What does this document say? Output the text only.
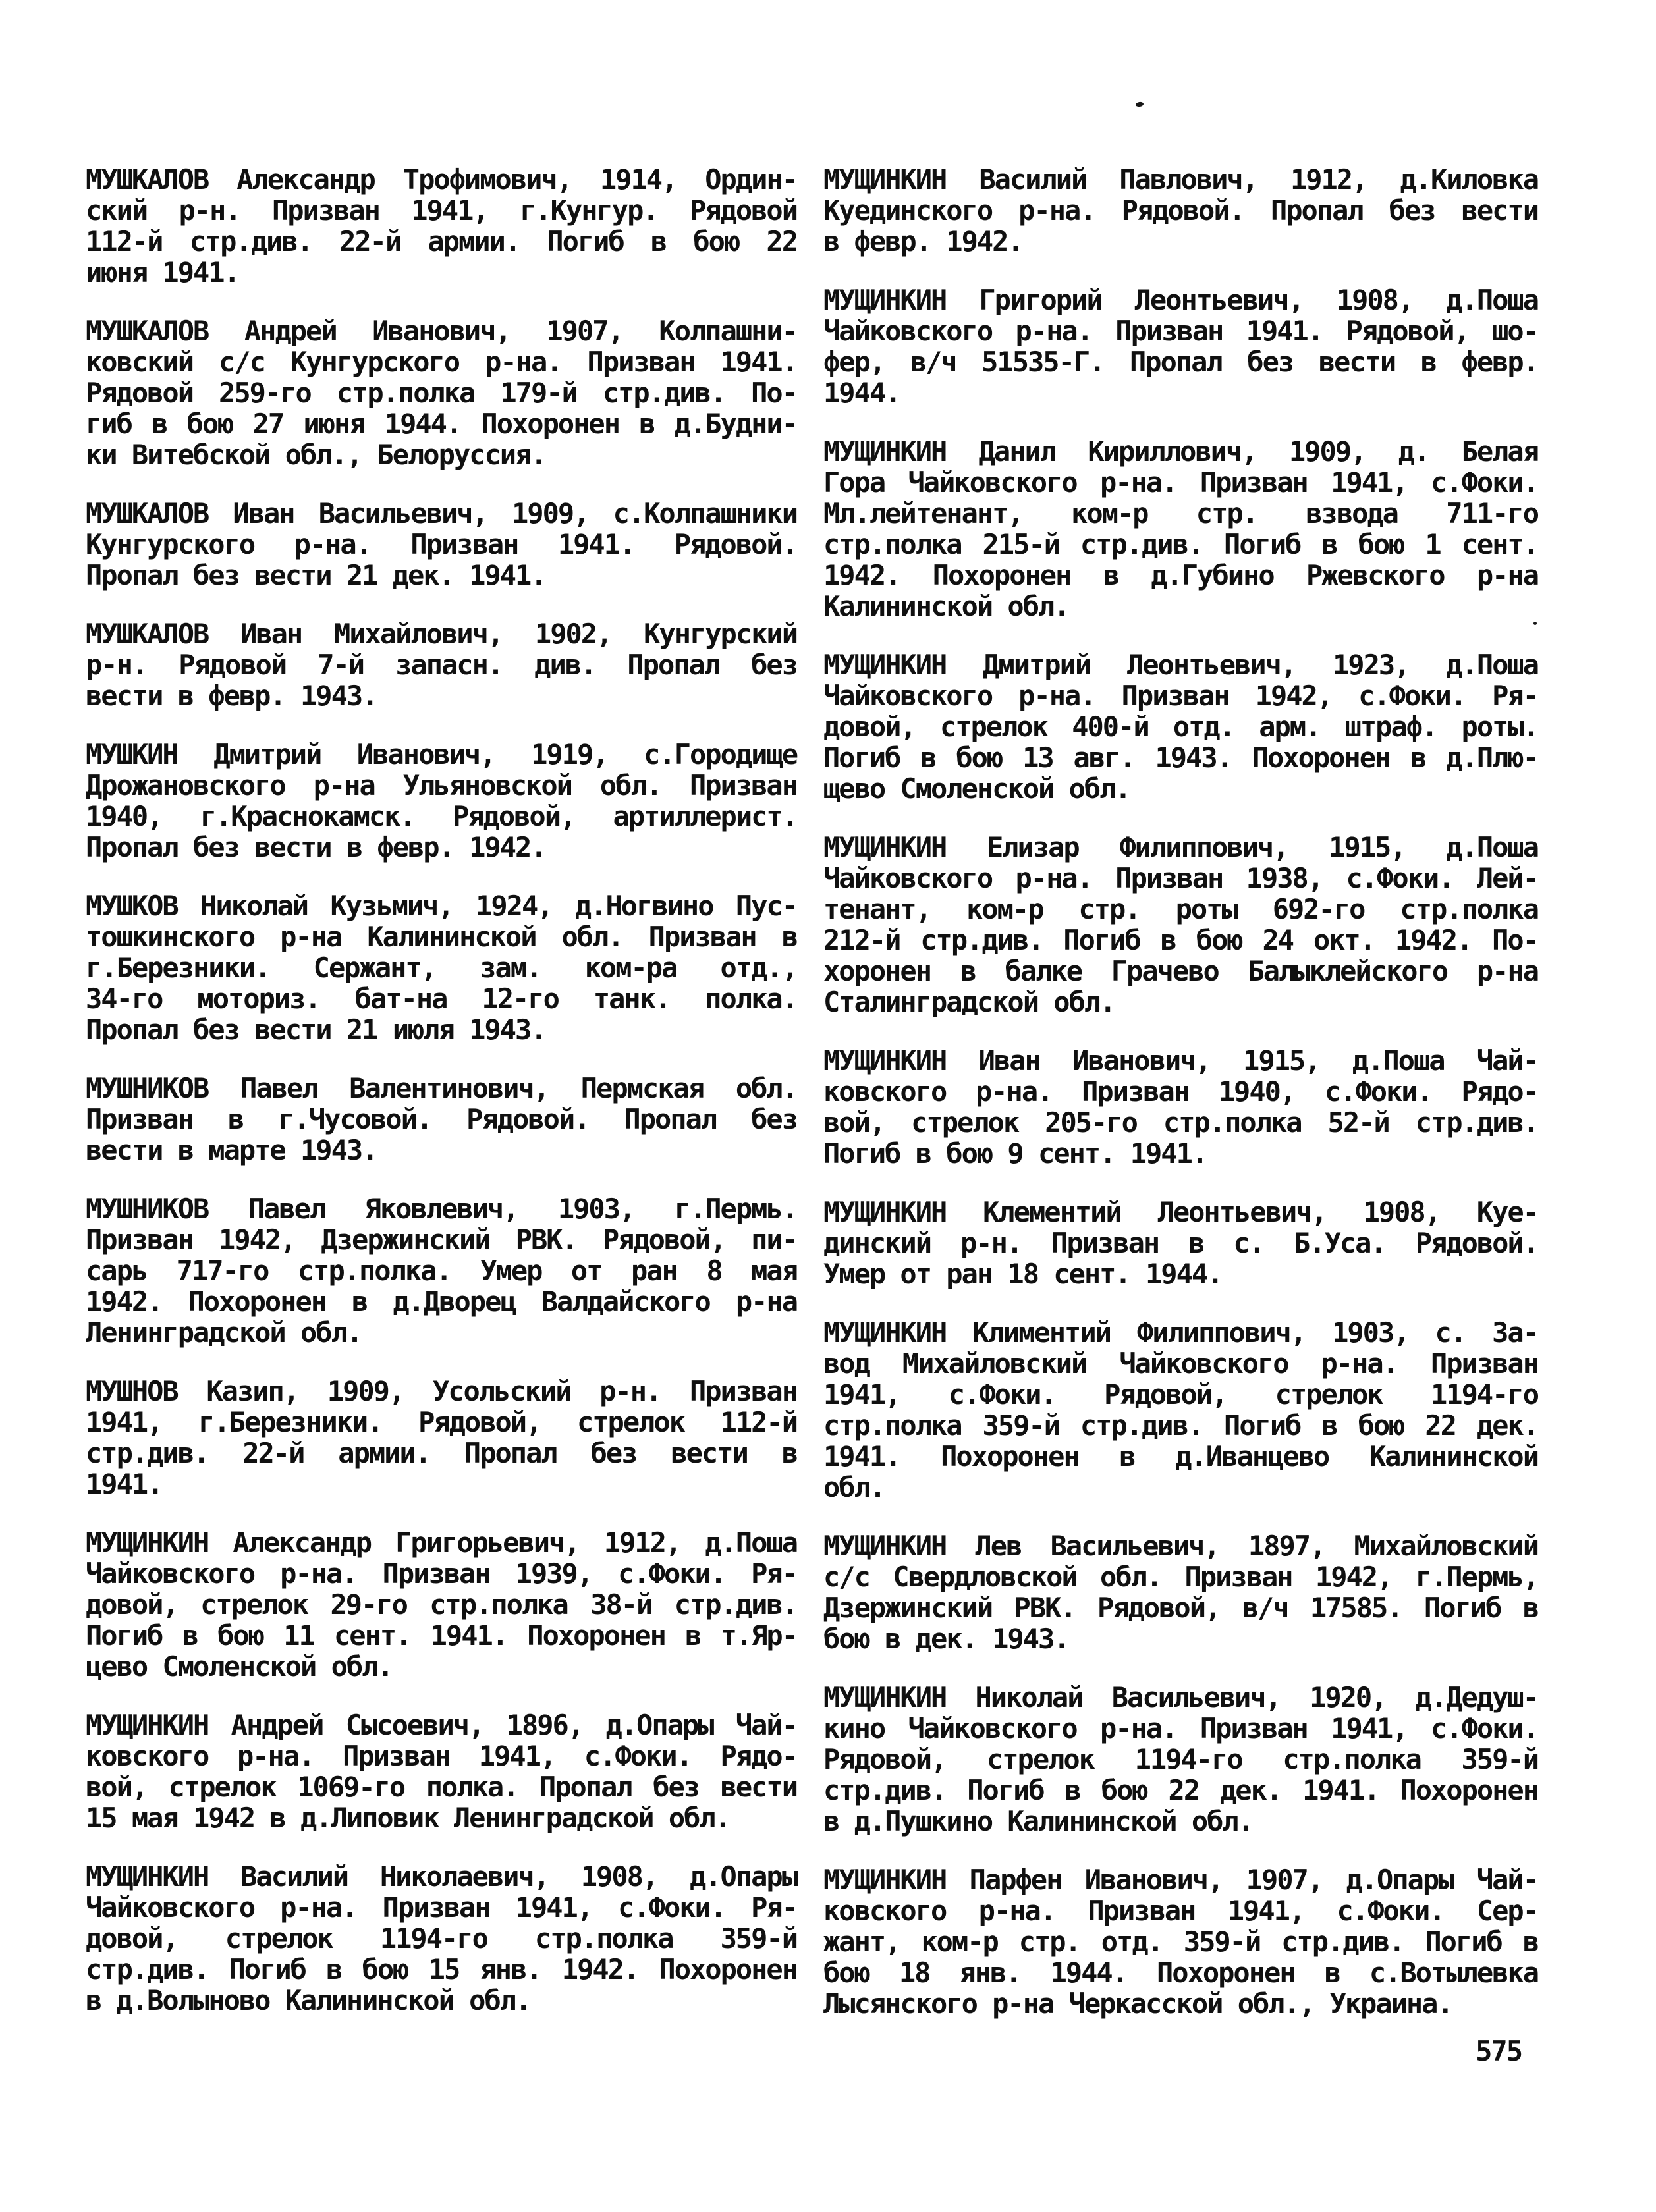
МУШКАЛОВ Александр Трофимович, 1914, Ордин-
ский р-н. Призван 1941, г.Кунгур. Рядовой
112-й стр.див. 22-й армии. Погиб в бою 22
июня 1941.
МУШКАЛОВ Андрей Иванович, 1907, Колпашни-
ковский с/с Кунгурского р-на. Призван 1941.
Рядовой 259-го стр.полка 179-й стр.див. По-
гиб в бою 27 июня 1944. Похоронен в д.Будни-
ки Витебской обл., Белоруссия.
МУШКАЛОВ Иван Васильевич, 1909, с.Колпашники
Кунгурского р-на. Призван 1941. Рядовой.
Пропал без вести 21 дек. 1941.
МУШКАЛОВ Иван Михайлович, 1902, Кунгурский
р-н. Рядовой 7-й запасн. див. Пропал без
вести в февр. 1943.
МУШКИН Дмитрий Иванович, 1919, с.Городище
Дрожановского р-на Ульяновской обл. Призван
1940, г.Краснокамск. Рядовой, артиллерист.
Пропал без вести в февр. 1942.
МУШКОВ Николай Кузьмич, 1924, д.Ногвино Пус-
тошкинского р-на Калининской обл. Призван в
г.Березники. Сержант, зам. ком-ра отд.,
34-го моториз. бат-на 12-го танк. полка.
Пропал без вести 21 июля 1943.
МУШНИКОВ Павел Валентинович, Пермская обл.
Призван в г.Чусовой. Рядовой. Пропал без
вести в марте 1943.
МУШНИКОВ Павел Яковлевич, 1903, г.Пермь.
Призван 1942, Дзержинский РВК. Рядовой, пи-
сарь 717-го стр.полка. Умер от ран 8 мая
1942. Похоронен в д.Дворец Валдайского р-на
Ленинградской обл.
МУШНОВ Казип, 1909, Усольский р-н. Призван
1941, г.Березники. Рядовой, стрелок 112-й
стр.див. 22-й армии. Пропал без вести в
1941.
МУЩИНКИН Александр Григорьевич, 1912, д.Поша
Чайковского р-на. Призван 1939, с.Фоки. Ря-
довой, стрелок 29-го стр.полка 38-й стр.див.
Погиб в бою 11 сент. 1941. Похоронен в т.Яр-
цево Смоленской обл.
МУЩИНКИН Андрей Сысоевич, 1896, д.Опары Чай-
ковского р-на. Призван 1941, с.Фоки. Рядо-
вой, стрелок 1069-го полка. Пропал без вести
15 мая 1942 в д.Липовик Ленинградской обл.
МУЩИНКИН Василий Николаевич, 1908, д.Опары
Чайковского р-на. Призван 1941, с.Фоки. Ря-
довой, стрелок 1194-го стр.полка 359-й
стр.див. Погиб в бою 15 янв. 1942. Похоронен
в д.Волыново Калининской обл.
МУЩИНКИН Василий Павлович, 1912, д.Киловка
Куединского р-на. Рядовой. Пропал без вести
в февр. 1942.
МУЩИНКИН Григорий Леонтьевич, 1908, д.Поша
Чайковского р-на. Призван 1941. Рядовой, шо-
фер, в/ч 51535-Г. Пропал без вести в февр.
1944.
МУЩИНКИН Данил Кириллович, 1909, д. Белая
Гора Чайковского р-на. Призван 1941, с.Фоки.
Мл.лейтенант, ком-р стр. взвода 711-го
стр.полка 215-й стр.див. Погиб в бою 1 сент.
1942. Похоронен в д.Губино Ржевского р-на
Калининской обл.
МУЩИНКИН Дмитрий Леонтьевич, 1923, д.Поша
Чайковского р-на. Призван 1942, с.Фоки. Ря-
довой, стрелок 400-й отд. арм. штраф. роты.
Погиб в бою 13 авг. 1943. Похоронен в д.Плю-
щево Смоленской обл.
МУЩИНКИН Елизар Филиппович, 1915, д.Поша
Чайковского р-на. Призван 1938, с.Фоки. Лей-
тенант, ком-р стр. роты 692-го стр.полка
212-й стр.див. Погиб в бою 24 окт. 1942. По-
хоронен в балке Грачево Балыклейского р-на
Сталинградской обл.
МУЩИНКИН Иван Иванович, 1915, д.Поша Чай-
ковского р-на. Призван 1940, с.Фоки. Рядо-
вой, стрелок 205-го стр.полка 52-й стр.див.
Погиб в бою 9 сент. 1941.
МУЩИНКИН Клементий Леонтьевич, 1908, Куе-
динский р-н. Призван в с. Б.Уса. Рядовой.
Умер от ран 18 сент. 1944.
МУЩИНКИН Климентий Филиппович, 1903, с. За-
вод Михайловский Чайковского р-на. Призван
1941, с.Фоки. Рядовой, стрелок 1194-го
стр.полка 359-й стр.див. Погиб в бою 22 дек.
1941. Похоронен в д.Иванцево Калининской
обл.
МУЩИНКИН Лев Васильевич, 1897, Михайловский
с/с Свердловской обл. Призван 1942, г.Пермь,
Дзержинский РВК. Рядовой, в/ч 17585. Погиб в
бою в дек. 1943.
МУЩИНКИН Николай Васильевич, 1920, д.Дедуш-
кино Чайковского р-на. Призван 1941, с.Фоки.
Рядовой, стрелок 1194-го стр.полка 359-й
стр.див. Погиб в бою 22 дек. 1941. Похоронен
в д.Пушкино Калининской обл.
МУЩИНКИН Парфен Иванович, 1907, д.Опары Чай-
ковского р-на. Призван 1941, с.Фоки. Сер-
жант, ком-р стр. отд. 359-й стр.див. Погиб в
бою 18 янв. 1944. Похоронен в с.Вотылевка
Лысянского р-на Черкасской обл., Украина.
575
